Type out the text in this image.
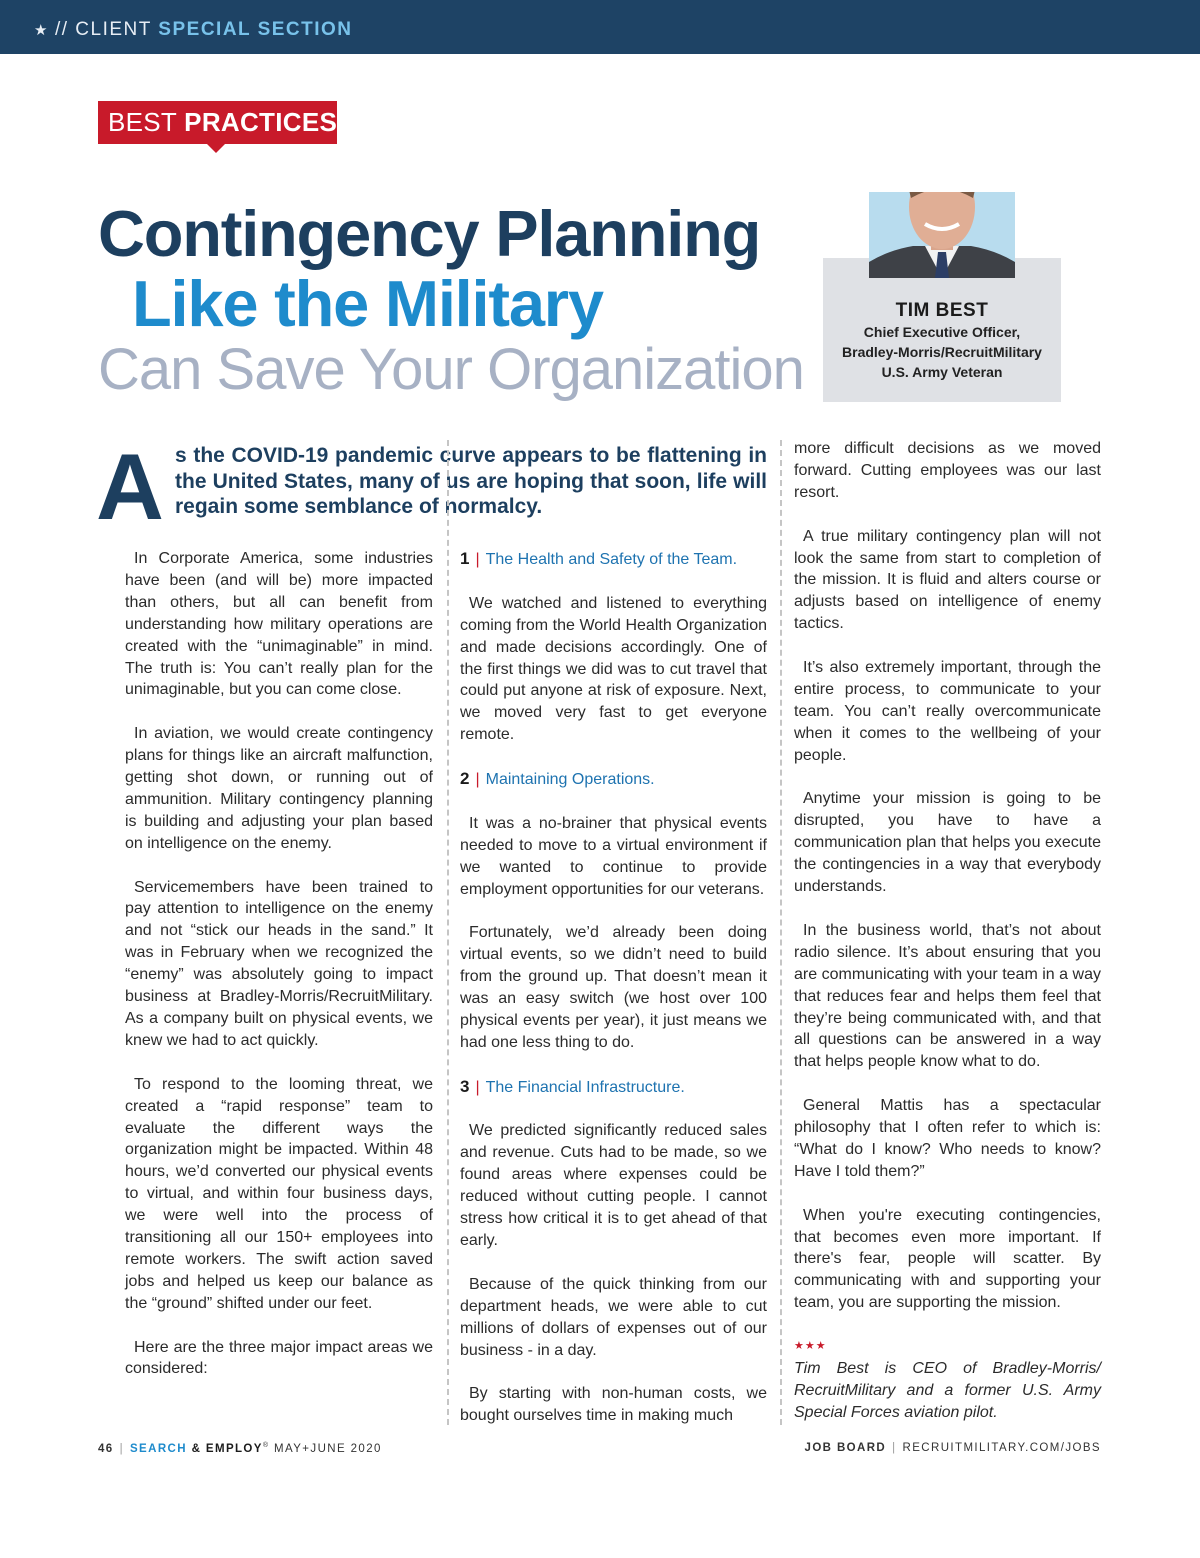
★ // CLIENT SPECIAL SECTION
BEST PRACTICES
Contingency Planning
Like the Military
Can Save Your Organization
TIM BEST
Chief Executive Officer,
Bradley-Morris/RecruitMilitary
U.S. Army Veteran
A s the COVID-19 pandemic curve appears to be flattening in the United States, many of us are hoping that soon, life will regain some semblance of normalcy.

In Corporate America, some industries have been (and will be) more impacted than others, but all can benefit from understanding how military operations are created with the “unimaginable” in mind. The truth is: You can’t really plan for the unimaginable, but you can come close.

In aviation, we would create contingency plans for things like an aircraft malfunction, getting shot down, or running out of ammunition. Military contingency planning is building and adjusting your plan based on intelligence on the enemy.

Servicemembers have been trained to pay attention to intelligence on the enemy and not “stick our heads in the sand.” It was in February when we recognized the “enemy” was absolutely going to impact business at Bradley-Morris/RecruitMilitary. As a company built on physical events, we knew we had to act quickly.

To respond to the looming threat, we created a “rapid response” team to evaluate the different ways the organization might be impacted. Within 48 hours, we’d converted our physical events to virtual, and within four business days, we were well into the process of transitioning all our 150+ employees into remote workers. The swift action saved jobs and helped us keep our balance as the “ground” shifted under our feet.

Here are the three major impact areas we considered:

1 | The Health and Safety of the Team.

We watched and listened to everything coming from the World Health Organization and made decisions accordingly. One of the first things we did was to cut travel that could put anyone at risk of exposure. Next, we moved very fast to get everyone remote.

2 | Maintaining Operations.

It was a no-brainer that physical events needed to move to a virtual environment if we wanted to continue to provide employment opportunities for our veterans.

Fortunately, we’d already been doing virtual events, so we didn’t need to build from the ground up. That doesn’t mean it was an easy switch (we host over 100 physical events per year), it just means we had one less thing to do.

3 | The Financial Infrastructure.

We predicted significantly reduced sales and revenue. Cuts had to be made, so we found areas where expenses could be reduced without cutting people. I cannot stress how critical it is to get ahead of that early.

Because of the quick thinking from our department heads, we were able to cut millions of dollars of expenses out of our business - in a day.

By starting with non-human costs, we bought ourselves time in making much

more difficult decisions as we moved forward. Cutting employees was our last resort.

A true military contingency plan will not look the same from start to completion of the mission. It is fluid and alters course or adjusts based on intelligence of enemy tactics.

It’s also extremely important, through the entire process, to communicate to your team. You can’t really overcommunicate when it comes to the wellbeing of your people.

Anytime your mission is going to be disrupted, you have to have a communication plan that helps you execute the contingencies in a way that everybody understands.

In the business world, that’s not about radio silence. It’s about ensuring that you are communicating with your team in a way that reduces fear and helps them feel that they’re being communicated with, and that all questions can be answered in a way that helps people know what to do.

General Mattis has a spectacular philosophy that I often refer to which is: “What do I know? Who needs to know? Have I told them?”

When you're executing contingencies, that becomes even more important. If there's fear, people will scatter. By communicating with and supporting your team, you are supporting the mission.

★★★
Tim Best is CEO of Bradley-Morris/ RecruitMilitary and a former U.S. Army Special Forces aviation pilot.
46 | SEARCH & EMPLOY® MAY+JUNE 2020	JOB BOARD | RECRUITMILITARY.COM/JOBS
